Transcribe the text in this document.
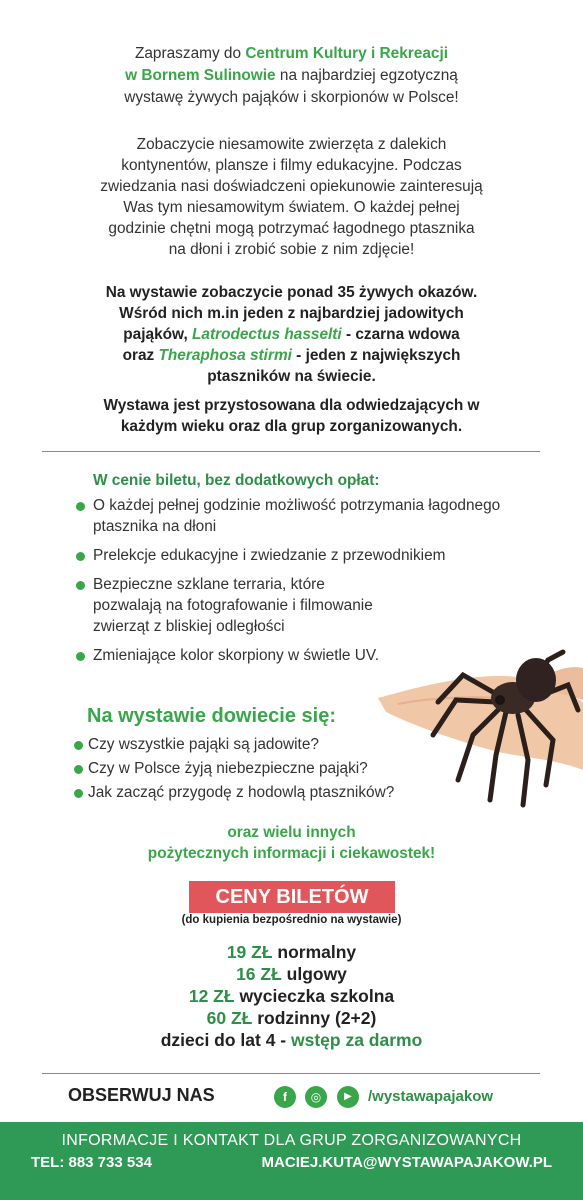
Zapraszamy do Centrum Kultury i Rekreacji
w Bornem Sulinowie na najbardziej egzotyczną
wystawę żywych pająków i skorpionów w Polsce!
Zobaczycie niesamowite zwierzęta z dalekich
kontynentów, plansze i filmy edukacyjne. Podczas
zwiedzania nasi doświadczeni opiekunowie zainteresują
Was tym niesamowitym światem. O każdej pełnej
godzinie chętni mogą potrzymać łagodnego ptasznika
na dłoni i zrobić sobie z nim zdjęcie!
Na wystawie zobaczycie ponad 35 żywych okazów.
Wśród nich m.in jeden z najbardziej jadowitych
pająków, Latrodectus hasselti - czarna wdowa
oraz Theraphosa stirmi - jeden z największych
ptaszników na świecie.
Wystawa jest przystosowana dla odwiedzających w
każdym wieku oraz dla grup zorganizowanych.
W cenie biletu, bez dodatkowych opłat:
O każdej pełnej godzinie możliwość potrzymania łagodnego ptasznika na dłoni
Prelekcje edukacyjne i zwiedzanie z przewodnikiem
Bezpieczne szklane terraria, które pozwalają na fotografowanie i filmowanie zwierząt z bliskiej odległości
Zmieniające kolor skorpiony w świetle UV.
Na wystawie dowiecie się:
Czy wszystkie pająki są jadowite?
Czy w Polsce żyją niebezpieczne pająki?
Jak zacząć przygodę z hodowlą ptaszników?
oraz wielu innych
pożytecznych informacji i ciekawostek!
CENY BILETÓW
(do kupienia bezpośrednio na wystawie)
19 ZŁ normalny
16 ZŁ ulgowy
12 ZŁ wycieczka szkolna
60 ZŁ rodzinny (2+2)
dzieci do lat 4 - wstęp za darmo
OBSERWUJ NAS	f	◎	▶	/wystawapajakow
INFORMACJE I KONTAKT DLA GRUP ZORGANIZOWANYCH
TEL: 883 733 534	MACIEJ.KUTA@WYSTAWAPAJAKOW.PL
